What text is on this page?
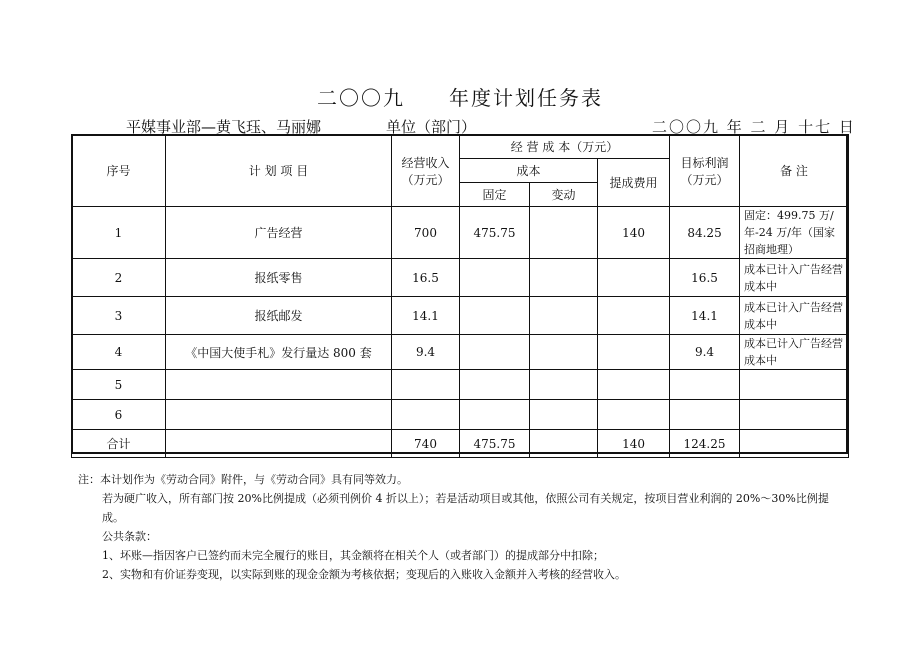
二〇〇九 年度计划任务表
平媒事业部—黄飞珏、马丽娜	单位（部门）	二〇〇九 年 二 月 十七 日
序号	计 划 项 目	经营收入（万元）	经 营 成 本（万元）			目标利润（万元）	备 注
			成本		提成费用		
			固定	变动			
1	广告经营	700	475.75		140	84.25	固定：499.75 万/年-24 万/年（国家招商地理）
2	报纸零售	16.5				16.5	成本已计入广告经营成本中
3	报纸邮发	14.1				14.1	成本已计入广告经营成本中
4	《中国大使手札》发行量达 800 套	9.4				9.4	成本已计入广告经营成本中
5							
6							
合计		740	475.75		140	124.25	

注：本计划作为《劳动合同》附件，与《劳动合同》具有同等效力。

若为硬广收入，所有部门按 20%比例提成（必须刊例价 4 折以上）；若是活动项目或其他，依照公司有关规定，按项目营业利润的 20%～30%比例提成。

公共条款：

1、坏账—指因客户已签约而未完全履行的账目，其金额将在相关个人（或者部门）的提成部分中扣除；

2、实物和有价证券变现，以实际到账的现金金额为考核依据；变现后的入账收入金额并入考核的经营收入。
